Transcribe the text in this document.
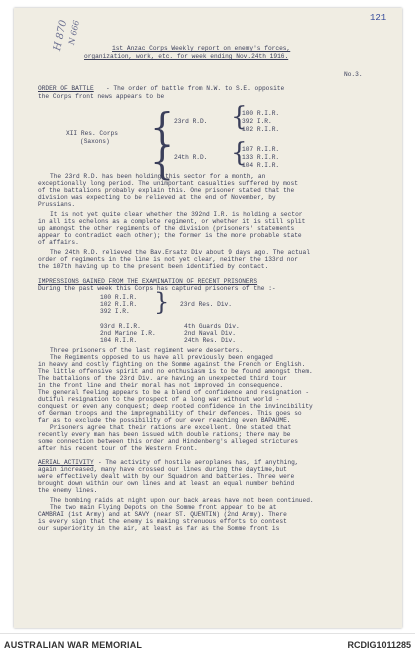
121
H 870
N 666
1st Anzac Corps Weekly report on enemy's forces,
organization, work, etc. for week ending Nov.24th 1916.
No.3.
ORDER OF BATTLE - The order of battle from N.W. to S.E. opposite
the Corps front news appears to be
XII Res. Corps
(Saxons) {
{
23rd R.D. {
100 R.I.R.
392 I.R.
102 R.I.R.
24th R.D. {
107 R.I.R.
133 R.I.R.
104 R.I.R.
The 23rd R.D. has been holding this sector for a month, an
exceptionally long period. The unimportant casualties suffered by most
of the battalions probably explain this. One prisoner stated that the
division was expecting to be relieved at the end of November, by
Prussians.
It is not yet quite clear whether the 392nd I.R. is holding a sector
in all its echelons as a complete regiment, or whether it is still split
up amongst the other regiments of the division (prisoners' statements
appear to contradict each other); the former is the more probable state
of affairs.
The 24th R.D. relieved the Bav.Ersatz Div about 9 days ago. The actual
order of regiments in the line is not yet clear, neither the 133rd nor
the 107th having up to the present been identified by contact.
IMPRESSIONS GAINED FROM THE EXAMINATION OF RECENT PRISONERS
During the past week this Corps has captured prisoners of the :-
100 R.I.R.
102 R.I.R.
392 I.R. } 23rd Res. Div.
93rd R.I.R.
2nd Marine I.R.
104 R.I.R.
4th Guards Div.
2nd Naval Div.
24th Res. Div.
Three prisoners of the last regiment were deserters.
The Regiments opposed to us have all previously been engaged
in heavy and costly fighting on the Somme against the French or English.
The little offensive spirit and no enthusiasm is to be found amongst them.
The battalions of the 23rd Div. are having an unexpected third tour
in the front line and their moral has not improved in consequence.
The general feeling appears to be a blend of confidence and resignation -
dutiful resignation to the prospect of a long war without world -
conquest or even any conquest; deep rooted confidence in the invincibility
of German troops and the impregnability of their defences. This goes so
far as to exclude the possibility of our ever reaching even BAPAUME.
Prisoners agree that their rations are excellent. One stated that
recently every man has been issued with double rations; there may be
some connection between this order and Hindenberg's alleged strictures
after his recent tour of the Western Front.
AERIAL ACTIVITY - The activity of hostile aeroplanes has, if anything,
again increased, many have crossed our lines during the daytime,but
were effectively dealt with by our Squadron and batteries. Three were
brought down within our own lines and at least an equal number behind
the enemy lines.
The bombing raids at night upon our back areas have not been continued.
The two main Flying Depots on the Somme front appear to be at
CAMBRAI (1st Army) and at SAVY (near ST. QUENTIN) (2nd Army). There
is every sign that the enemy is making strenuous efforts to contest
our superiority in the air, at least as far as the Somme front is
AUSTRALIAN WAR MEMORIAL	RCDIG1011285
